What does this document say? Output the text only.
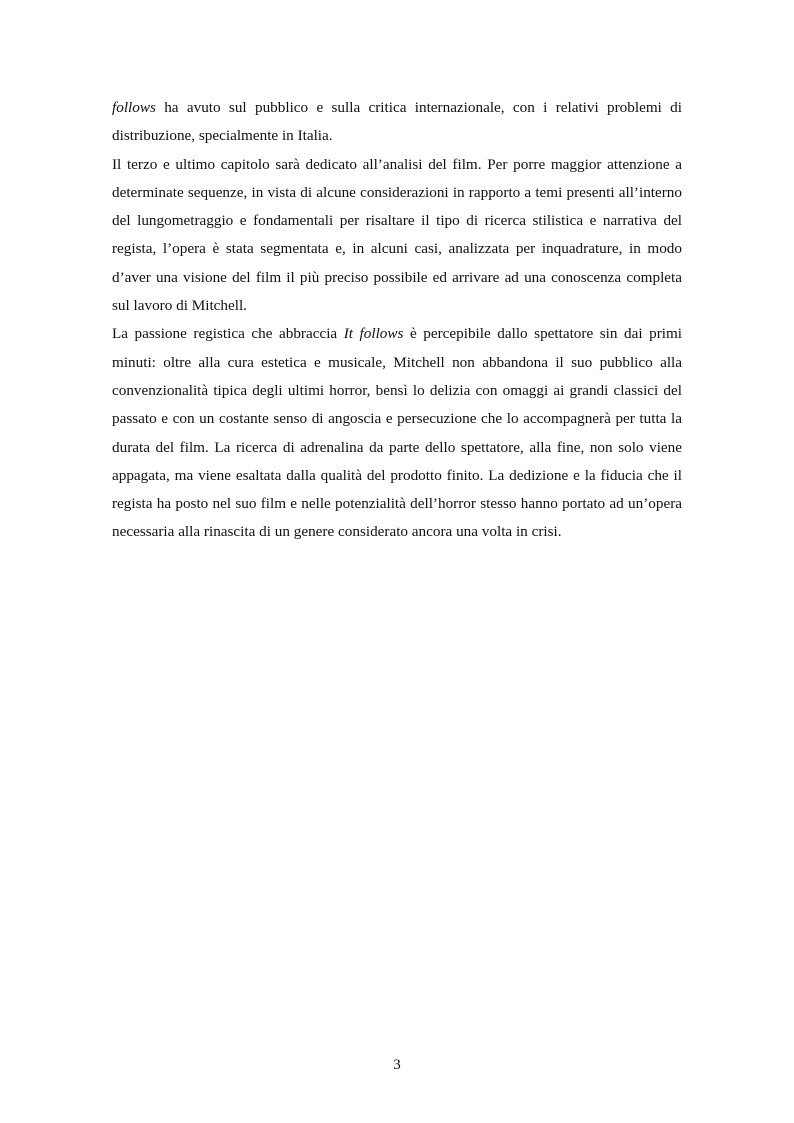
follows ha avuto sul pubblico e sulla critica internazionale, con i relativi problemi di distribuzione, specialmente in Italia.

Il terzo e ultimo capitolo sarà dedicato all’analisi del film. Per porre maggior attenzione a determinate sequenze, in vista di alcune considerazioni in rapporto a temi presenti all’interno del lungometraggio e fondamentali per risaltare il tipo di ricerca stilistica e narrativa del regista, l’opera è stata segmentata e, in alcuni casi, analizzata per inquadrature, in modo d’aver una visione del film il più preciso possibile ed arrivare ad una conoscenza completa sul lavoro di Mitchell.

La passione registica che abbraccia It follows è percepibile dallo spettatore sin dai primi minuti: oltre alla cura estetica e musicale, Mitchell non abbandona il suo pubblico alla convenzionalità tipica degli ultimi horror, bensì lo delizia con omaggi ai grandi classici del passato e con un costante senso di angoscia e persecuzione che lo accompagnerà per tutta la durata del film. La ricerca di adrenalina da parte dello spettatore, alla fine, non solo viene appagata, ma viene esaltata dalla qualità del prodotto finito. La dedizione e la fiducia che il regista ha posto nel suo film e nelle potenzialità dell’horror stesso hanno portato ad un’opera necessaria alla rinascita di un genere considerato ancora una volta in crisi.

3
